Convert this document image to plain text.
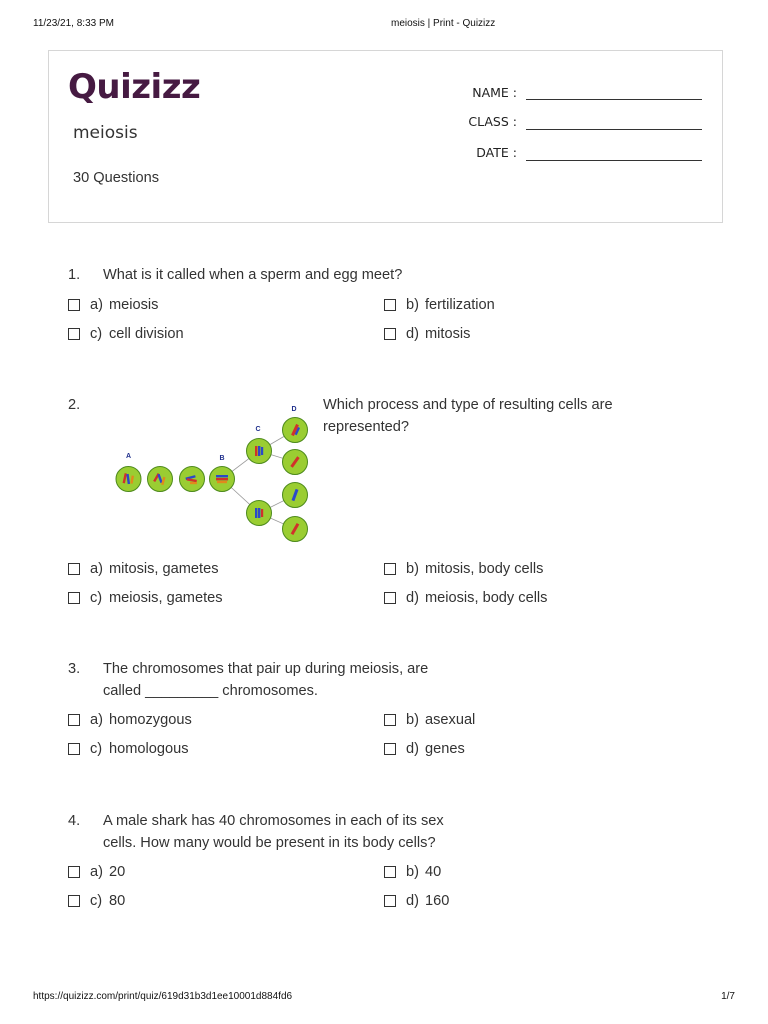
11/23/21, 8:33 PM	meiosis | Print - Quizizz
Quizizz
meiosis
30 Questions
NAME :
CLASS :
DATE :
1. What is it called when a sperm and egg meet?
a) meiosis	b) fertilization
c) cell division	d) mitosis
2.	Which process and type of resulting cells are represented?
A	B
C
D
a) mitosis, gametes	b) mitosis, body cells
c) meiosis, gametes	d) meiosis, body cells
3. The chromosomes that pair up during meiosis, are called _________ chromosomes.
a) homozygous	b) asexual
c) homologous	d) genes
4. A male shark has 40 chromosomes in each of its sex cells. How many would be present in its body cells?
a) 20	b) 40
c) 80	d) 160
https://quizizz.com/print/quiz/619d31b3d1ee10001d884fd6	1/7
